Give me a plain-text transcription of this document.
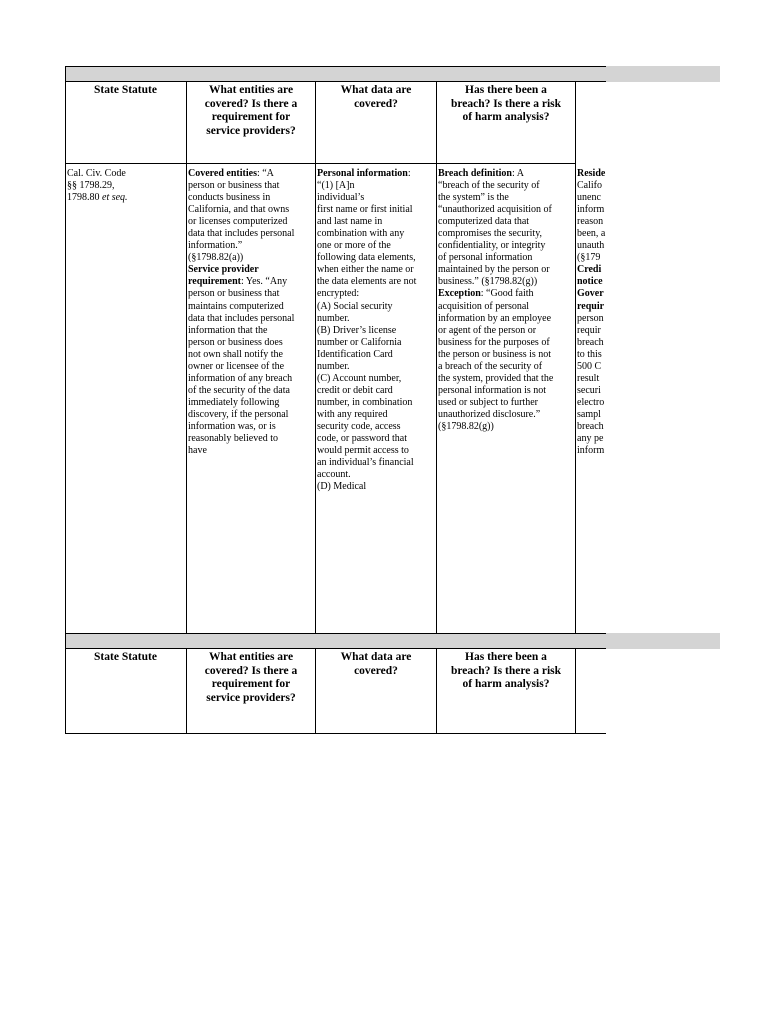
State Statute	What entities are
covered? Is there a
requirement for
service providers?
What data are
covered?
Has there been a
breach? Is there a risk
of harm analysis?
Cal. Civ. Code
§§ 1798.29,
1798.80 et seq.
Covered entities: “A
person or business that
conducts business in
California, and that owns
or licenses computerized
data that includes personal
information.”
(§1798.82(a))
Service provider
requirement: Yes. “Any
person or business that
maintains computerized
data that includes personal
information that the
person or business does
not own shall notify the
owner or licensee of the
information of any breach
of the security of the data
immediately following
discovery, if the personal
information was, or is
reasonably believed to
have
Personal information:
“(1) [A]n
individual’s
first name or first initial
and last name in
combination with any
one or more of the
following data elements,
when either the name or
the data elements are not
encrypted:
(A) Social security
number.
(B) Driver’s license
number or California
Identification Card
number.
(C) Account number,
credit or debit card
number, in combination
with any required
security code, access
code, or password that
would permit access to
an individual’s financial
account.
(D) Medical
Breach definition: A
“breach of the security of
the system” is the
“unauthorized acquisition of
computerized data that
compromises the security,
confidentiality, or integrity
of personal information
maintained by the person or
business.” (§1798.82(g))
Exception: “Good faith
acquisition of personal
information by an employee
or agent of the person or
business for the purposes of
the person or business is not
a breach of the security of
the system, provided that the
personal information is not
used or subject to further
unauthorized disclosure.”
(§1798.82(g))
Reside
Califo
unenc
inform
reason
been, a
unauth
(§179
Credi
notice
Gover
requir
person
requir
breach
to this
500 C
result
securi
electro
sampl
breach
any pe
inform
State Statute	What entities are
covered? Is there a
requirement for
service providers?
What data are
covered?
Has there been a
breach? Is there a risk
of harm analysis?
